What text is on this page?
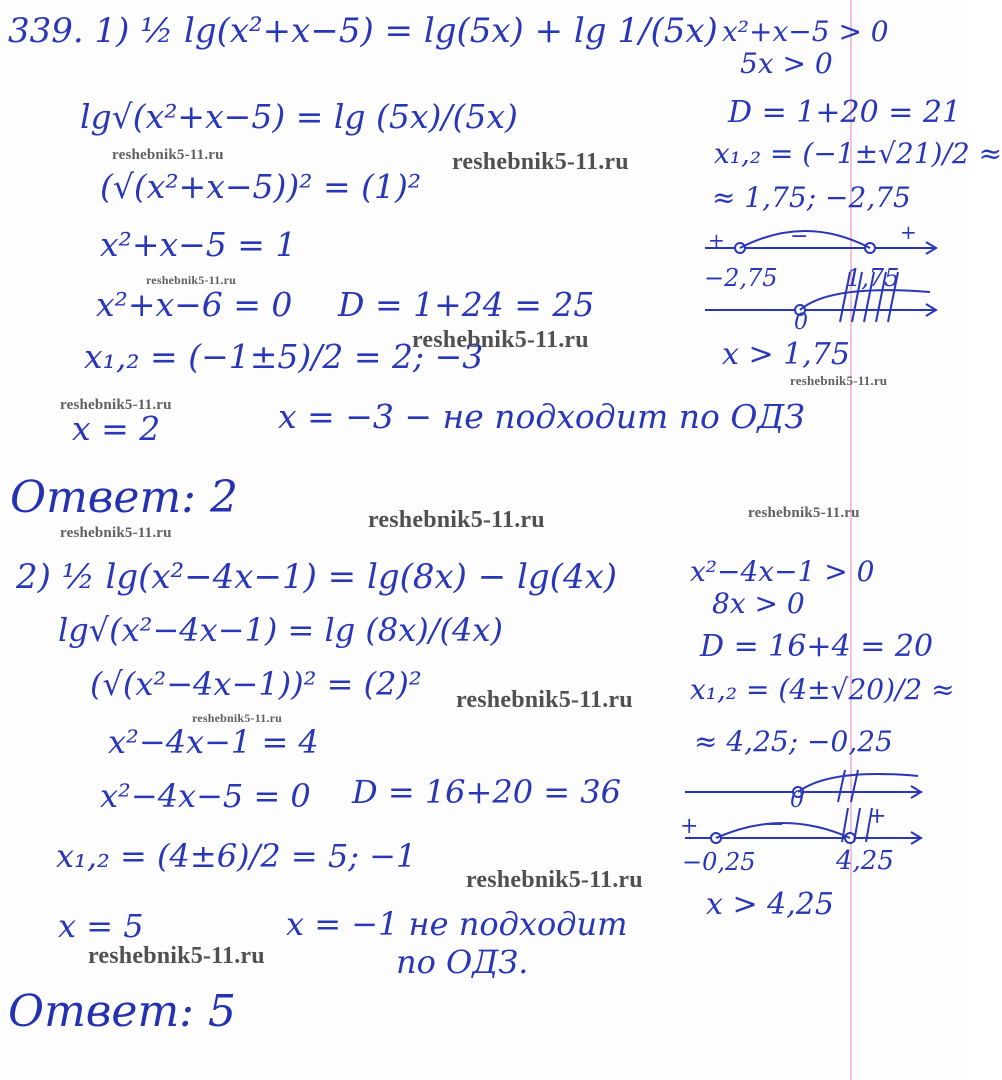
339. 1) ½ lg(x²+x−5) = lg(5x) + lg 1/(5x)
lg√(x²+x−5) = lg (5x)/(5x)
(√(x²+x−5))² = (1)²
x²+x−5 = 1
x²+x−6 = 0 D = 1+24 = 25
x₁,₂ = (−1±5)/2 = 2; −3
x = 2	x = −3 − не подходит по ОДЗ
Ответ: 2
x²+x−5 > 0
5x > 0
D = 1+20 = 21
x₁,₂ = (−1±√21)/2 ≈
≈ 1,75; −2,75
+	−	+
−2,75	1,75
0
x > 1,75
2) ½ lg(x²−4x−1) = lg(8x) − lg(4x)
lg√(x²−4x−1) = lg (8x)/(4x)
(√(x²−4x−1))² = (2)²
x²−4x−1 = 4
x²−4x−5 = 0 D = 16+20 = 36
x₁,₂ = (4±6)/2 = 5; −1
x = 5	x = −1 не подходит
по ОДЗ.
Ответ: 5
x²−4x−1 > 0
8x > 0
D = 16+4 = 20
x₁,₂ = (4±√20)/2 ≈
≈ 4,25; −0,25
0
+	−	+
−0,25	4,25
x > 4,25
reshebnik5-11.ru	reshebnik5-11.ru
reshebnik5-11.ru
reshebnik5-11.ru
reshebnik5-11.ru
reshebnik5-11.ru
reshebnik5-11.ru	reshebnik5-11.ru
reshebnik5-11.ru
reshebnik5-11.ru
reshebnik5-11.ru
reshebnik5-11.ru
reshebnik5-11.ru
